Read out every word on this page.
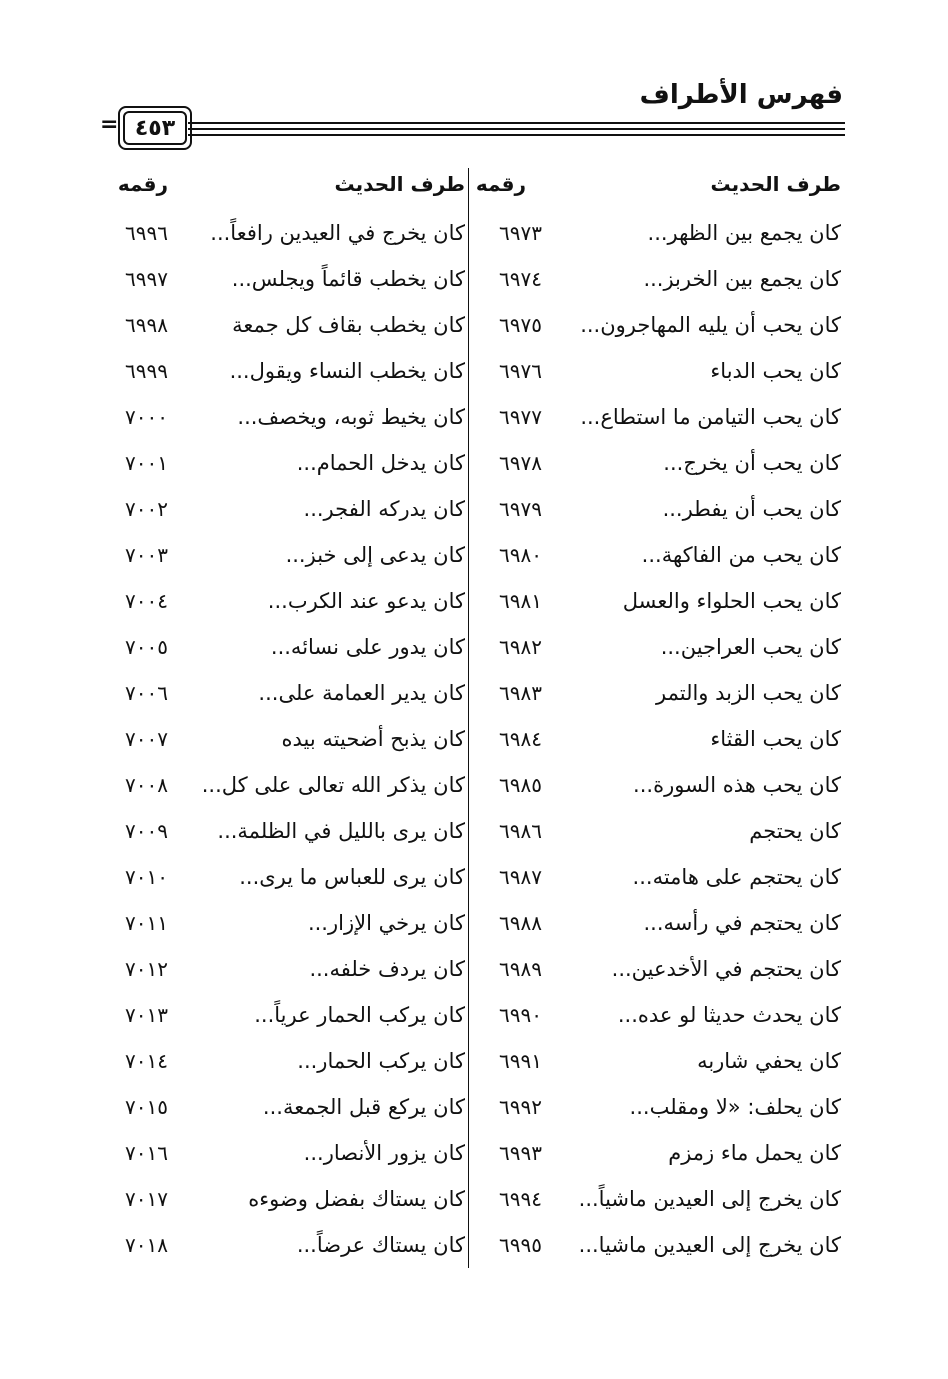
فهرس الأطراف
٤٥٣
=
طرف الحديث
رقمه
طرف الحديث
رقمه
كان يجمع بين الظهر...
٦٩٧٣
كان يخرج في العيدين رافعاً...
٦٩٩٦
كان يجمع بين الخربز...
٦٩٧٤
كان يخطب قائماً ويجلس...
٦٩٩٧
كان يحب أن يليه المهاجرون...
٦٩٧٥
كان يخطب بقاف كل جمعة
٦٩٩٨
كان يحب الدباء
٦٩٧٦
كان يخطب النساء ويقول...
٦٩٩٩
كان يحب التيامن ما استطاع...
٦٩٧٧
كان يخيط ثوبه، ويخصف...
٧٠٠٠
كان يحب أن يخرج...
٦٩٧٨
كان يدخل الحمام...
٧٠٠١
كان يحب أن يفطر...
٦٩٧٩
كان يدركه الفجر...
٧٠٠٢
كان يحب من الفاكهة...
٦٩٨٠
كان يدعى إلى خبز...
٧٠٠٣
كان يحب الحلواء والعسل
٦٩٨١
كان يدعو عند الكرب...
٧٠٠٤
كان يحب العراجين...
٦٩٨٢
كان يدور على نسائه...
٧٠٠٥
كان يحب الزبد والتمر
٦٩٨٣
كان يدير العمامة على...
٧٠٠٦
كان يحب القثاء
٦٩٨٤
كان يذبح أضحيته بيده
٧٠٠٧
كان يحب هذه السورة...
٦٩٨٥
كان يذكر الله تعالى على كل...
٧٠٠٨
كان يحتجم
٦٩٨٦
كان يرى بالليل في الظلمة...
٧٠٠٩
كان يحتجم على هامته...
٦٩٨٧
كان يرى للعباس ما يرى...
٧٠١٠
كان يحتجم في رأسه...
٦٩٨٨
كان يرخي الإزار...
٧٠١١
كان يحتجم في الأخدعين...
٦٩٨٩
كان يردف خلفه...
٧٠١٢
كان يحدث حديثا لو عده...
٦٩٩٠
كان يركب الحمار عرياً...
٧٠١٣
كان يحفي شاربه
٦٩٩١
كان يركب الحمار...
٧٠١٤
كان يحلف: «لا ومقلب...
٦٩٩٢
كان يركع قبل الجمعة...
٧٠١٥
كان يحمل ماء زمزم
٦٩٩٣
كان يزور الأنصار...
٧٠١٦
كان يخرج إلى العيدين ماشياً...
٦٩٩٤
كان يستاك بفضل وضوءه
٧٠١٧
كان يخرج إلى العيدين ماشيا...
٦٩٩٥
كان يستاك عرضاً...
٧٠١٨
